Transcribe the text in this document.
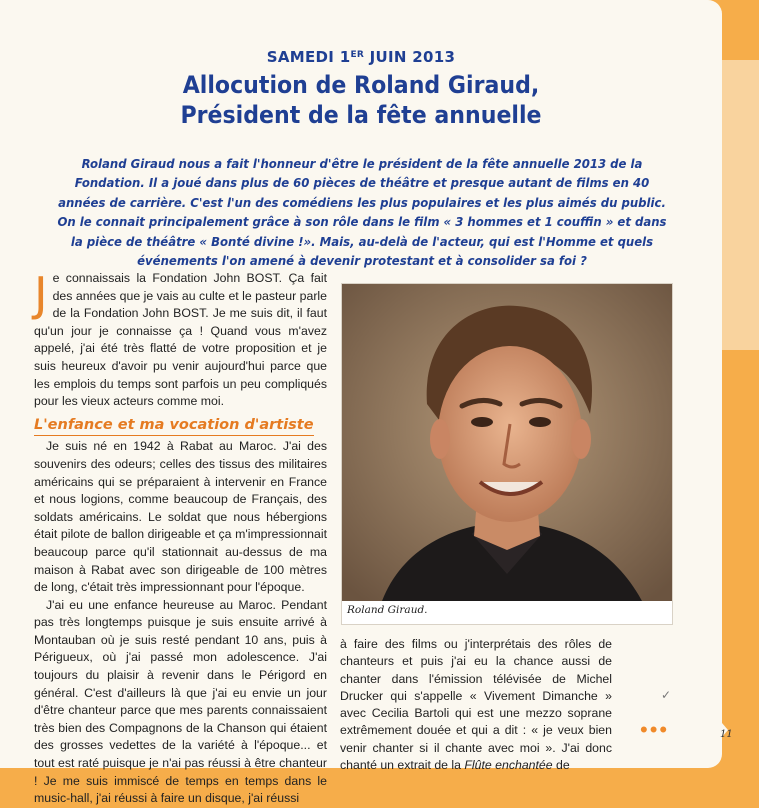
SAMEDI 1ER JUIN 2013
Allocution de Roland Giraud,
Président de la fête annuelle
Roland Giraud nous a fait l'honneur d'être le président de la fête annuelle 2013 de la Fondation. Il a joué dans plus de 60 pièces de théâtre et presque autant de films en 40 années de carrière. C'est l'un des comédiens les plus populaires et les plus aimés du public. On le connait principalement grâce à son rôle dans le film « 3 hommes et 1 couffin » et dans la pièce de théâtre « Bonté divine !». Mais, au-delà de l'acteur, qui est l'Homme et quels événements l'on amené à devenir protestant et à consolider sa foi ?

Je connaissais la Fondation John BOST. Ça fait des années que je vais au culte et le pasteur parle de la Fondation John BOST. Je me suis dit, il faut qu'un jour je connaisse ça ! Quand vous m'avez appelé, j'ai été très flatté de votre proposition et je suis heureux d'avoir pu venir aujourd'hui parce que les emplois du temps sont parfois un peu compliqués pour les vieux acteurs comme moi.

L'enfance et ma vocation d'artiste

Je suis né en 1942 à Rabat au Maroc. J'ai des souvenirs des odeurs; celles des tissus des militaires américains qui se préparaient à intervenir en France et nous logions, comme beaucoup de Français, des soldats américains. Le soldat que nous hébergions était pilote de ballon dirigeable et ça m'impressionnait beaucoup parce qu'il stationnait au-dessus de ma maison à Rabat avec son dirigeable de 100 mètres de long, c'était très impressionnant pour l'époque.

J'ai eu une enfance heureuse au Maroc. Pendant pas très longtemps puisque je suis ensuite arrivé à Montauban où je suis resté pendant 10 ans, puis à Périgueux, où j'ai passé mon adolescence. J'ai toujours du plaisir à revenir dans le Périgord en général. C'est d'ailleurs là que j'ai eu envie un jour d'être chanteur parce que mes parents connaissaient très bien des Compagnons de la Chanson qui étaient des grosses vedettes de la variété à l'époque... et tout est raté puisque je n'ai pas réussi à être chanteur ! Je me suis immiscé de temps en temps dans le music-hall, j'ai réussi à faire un disque, j'ai réussi

Roland Giraud.

à faire des films ou j'interprétais des rôles de chanteurs et puis j'ai eu la chance aussi de chanter dans l'émission télévisée de Michel Drucker qui s'appelle « Vivement Dimanche » avec Cecilia Bartoli qui est une mezzo soprane extrêmement douée et qui a dit : « je veux bien venir chanter si il chante avec moi ». J'ai donc chanté un extrait de la Flûte enchantée de

✓
•••	11
